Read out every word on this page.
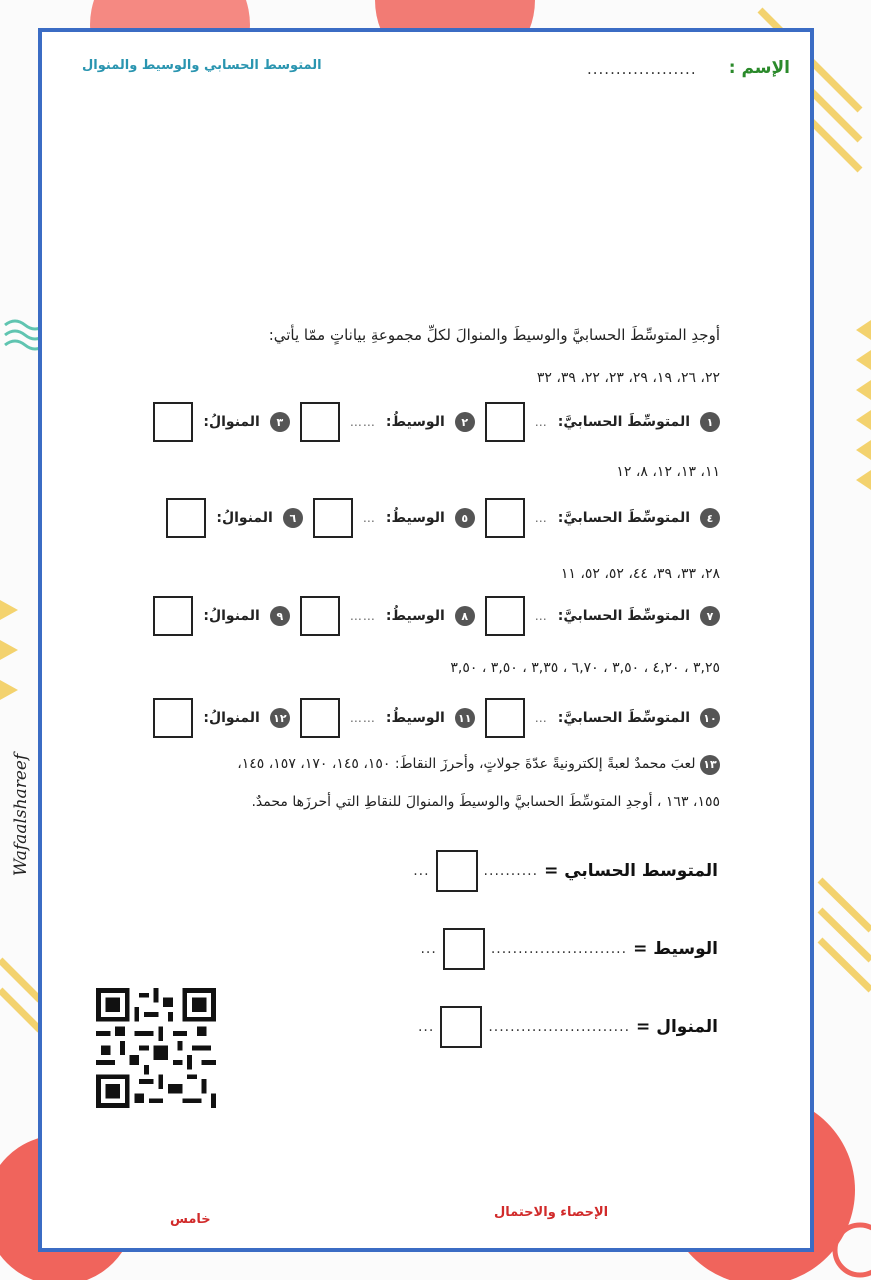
المتوسط الحسابي والوسيط والمنوال	................... الإسم :
أوجدِ المتوسِّطَ الحسابيَّ والوسيطَ والمنوالَ لكلِّ مجموعةِ بياناتٍ ممّا يأتي:
٢٢، ٢٦، ١٩، ٢٩، ٢٣، ٢٢، ٣٩، ٣٢
١
المتوسِّطَ الحسابيَّ:
…
٢
الوسيطُ:
……
٣
المنوالُ:
١١، ١٣، ١٢، ٨، ١٢
٤
المتوسِّطَ الحسابيَّ:
…
٥
الوسيطُ:
…
٦
المنوالُ:
٢٨، ٣٣، ٣٩، ٤٤، ٥٢، ٥٢، ١١
٧
المتوسِّطَ الحسابيَّ:
…
٨
الوسيطُ:
……
٩
المنوالُ:
٣,٢٥ ، ٤,٢٠ ، ٣,٥٠ ، ٦,٧٠ ، ٣,٣٥ ، ٣,٥٠ ، ٣,٥٠
١٠
المتوسِّطَ الحسابيَّ:
…
١١
الوسيطُ:
……
١٢
المنوالُ:
١٣ لعبَ محمدٌ لعبةً إلكترونيةً عدّةَ جولاتٍ، وأحرزَ النقاطَ: ١٥٠، ١٤٥، ١٧٠، ١٥٧، ١٤٥،
١٥٥، ١٦٣ ، أوجدِ المتوسِّطَ الحسابيَّ والوسيطَ والمنوالَ للنقاطِ التي أحرزَها محمدٌ.
المتوسط الحسابي =
..........
...
الوسيط =
.........................
...
المنوال =
..........................
...
الإحصاء والاحتمال
خامس
Wafaalshareef
